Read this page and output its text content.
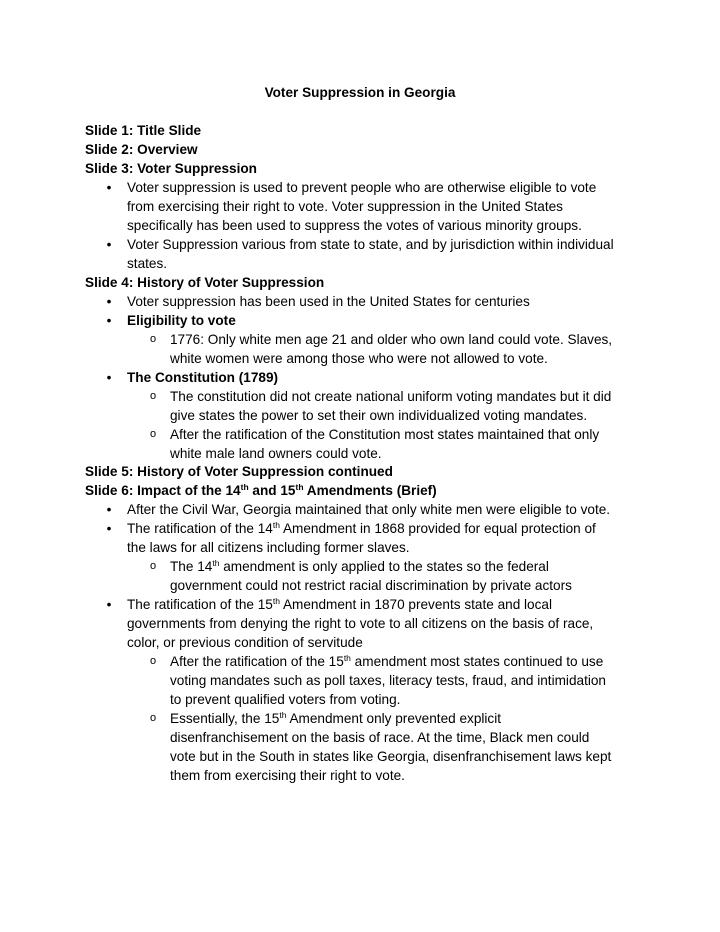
Voter Suppression in Georgia
Slide 1: Title Slide
Slide 2: Overview
Slide 3: Voter Suppression
• Voter suppression is used to prevent people who are otherwise eligible to vote
from exercising their right to vote. Voter suppression in the United States
specifically has been used to suppress the votes of various minority groups.
• Voter Suppression various from state to state, and by jurisdiction within individual
states.
Slide 4: History of Voter Suppression
• Voter suppression has been used in the United States for centuries
• Eligibility to vote
o 1776: Only white men age 21 and older who own land could vote. Slaves,
white women were among those who were not allowed to vote.
• The Constitution (1789)
o The constitution did not create national uniform voting mandates but it did
give states the power to set their own individualized voting mandates.
o After the ratification of the Constitution most states maintained that only
white male land owners could vote.
Slide 5: History of Voter Suppression continued
Slide 6: Impact of the 14th and 15th Amendments (Brief)
• After the Civil War, Georgia maintained that only white men were eligible to vote.
• The ratification of the 14th Amendment in 1868 provided for equal protection of
the laws for all citizens including former slaves.
o The 14th amendment is only applied to the states so the federal
government could not restrict racial discrimination by private actors
• The ratification of the 15th Amendment in 1870 prevents state and local
governments from denying the right to vote to all citizens on the basis of race,
color, or previous condition of servitude
o After the ratification of the 15th amendment most states continued to use
voting mandates such as poll taxes, literacy tests, fraud, and intimidation
to prevent qualified voters from voting.
o Essentially, the 15th Amendment only prevented explicit
disenfranchisement on the basis of race. At the time, Black men could
vote but in the South in states like Georgia, disenfranchisement laws kept
them from exercising their right to vote.
